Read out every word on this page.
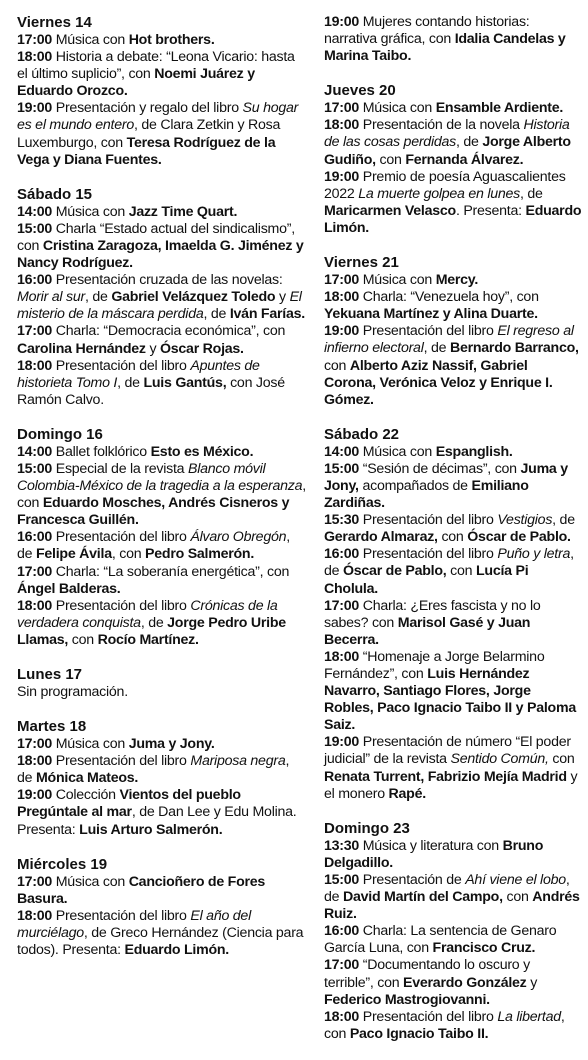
Viernes 14
17:00 Música con Hot brothers.
18:00 Historia a debate: “Leona Vicario: hasta el último suplicio”, con Noemi Juárez y Eduardo Orozco.
19:00 Presentación y regalo del libro Su hogar es el mundo entero, de Clara Zetkin y Rosa Luxemburgo, con Teresa Rodríguez de la Vega y Diana Fuentes.
Sábado 15
14:00 Música con Jazz Time Quart.
15:00 Charla “Estado actual del sindicalismo”, con Cristina Zaragoza, Imaelda G. Jiménez y Nancy Rodríguez.
16:00 Presentación cruzada de las novelas: Morir al sur, de Gabriel Velázquez Toledo y El misterio de la máscara perdida, de Iván Farías.
17:00 Charla: “Democracia económica”, con Carolina Hernández y Óscar Rojas.
18:00 Presentación del libro Apuntes de historieta Tomo I, de Luis Gantús, con José Ramón Calvo.
Domingo 16
14:00 Ballet folklórico Esto es México.
15:00 Especial de la revista Blanco móvil Colombia-México de la tragedia a la esperanza, con Eduardo Mosches, Andrés Cisneros y Francesca Guillén.
16:00 Presentación del libro Álvaro Obregón, de Felipe Ávila, con Pedro Salmerón.
17:00 Charla: “La soberanía energética”, con Ángel Balderas.
18:00 Presentación del libro Crónicas de la verdadera conquista, de Jorge Pedro Uribe Llamas, con Rocío Martínez.
Lunes 17
Sin programación.
Martes 18
17:00 Música con Juma y Jony.
18:00 Presentación del libro Mariposa negra, de Mónica Mateos.
19:00 Colección Vientos del pueblo Pregúntale al mar, de Dan Lee y Edu Molina. Presenta: Luis Arturo Salmerón.
Miércoles 19
17:00 Música con Cancioñero de Fores Basura.
18:00 Presentación del libro El año del murciélago, de Greco Hernández (Ciencia para todos). Presenta: Eduardo Limón.
19:00 Mujeres contando historias: narrativa gráfica, con Idalia Candelas y Marina Taibo.
Jueves 20
17:00 Música con Ensamble Ardiente.
18:00 Presentación de la novela Historia de las cosas perdidas, de Jorge Alberto Gudiño, con Fernanda Álvarez.
19:00 Premio de poesía Aguascalientes 2022 La muerte golpea en lunes, de Maricarmen Velasco. Presenta: Eduardo Limón.
Viernes 21
17:00 Música con Mercy.
18:00 Charla: “Venezuela hoy”, con Yekuana Martínez y Alina Duarte.
19:00 Presentación del libro El regreso al infierno electoral, de Bernardo Barranco, con Alberto Aziz Nassif, Gabriel Corona, Verónica Veloz y Enrique I. Gómez.
Sábado 22
14:00 Música con Espanglish.
15:00 “Sesión de décimas”, con Juma y Jony, acompañados de Emiliano Zardiñas.
15:30 Presentación del libro Vestigios, de Gerardo Almaraz, con Óscar de Pablo.
16:00 Presentación del libro Puño y letra, de Óscar de Pablo, con Lucía Pi Cholula.
17:00 Charla: ¿Eres fascista y no lo sabes? con Marisol Gasé y Juan Becerra.
18:00 “Homenaje a Jorge Belarmino Fernández”, con Luis Hernández Navarro, Santiago Flores, Jorge Robles, Paco Ignacio Taibo II y Paloma Saiz.
19:00 Presentación de número “El poder judicial” de la revista Sentido Común, con Renata Turrent, Fabrizio Mejía Madrid y el monero Rapé.
Domingo 23
13:30 Música y literatura con Bruno Delgadillo.
15:00 Presentación de Ahí viene el lobo, de David Martín del Campo, con Andrés Ruiz.
16:00 Charla: La sentencia de Genaro García Luna, con Francisco Cruz.
17:00 “Documentando lo oscuro y terrible”, con Everardo González y Federico Mastrogiovanni.
18:00 Presentación del libro La libertad, con Paco Ignacio Taibo II.
